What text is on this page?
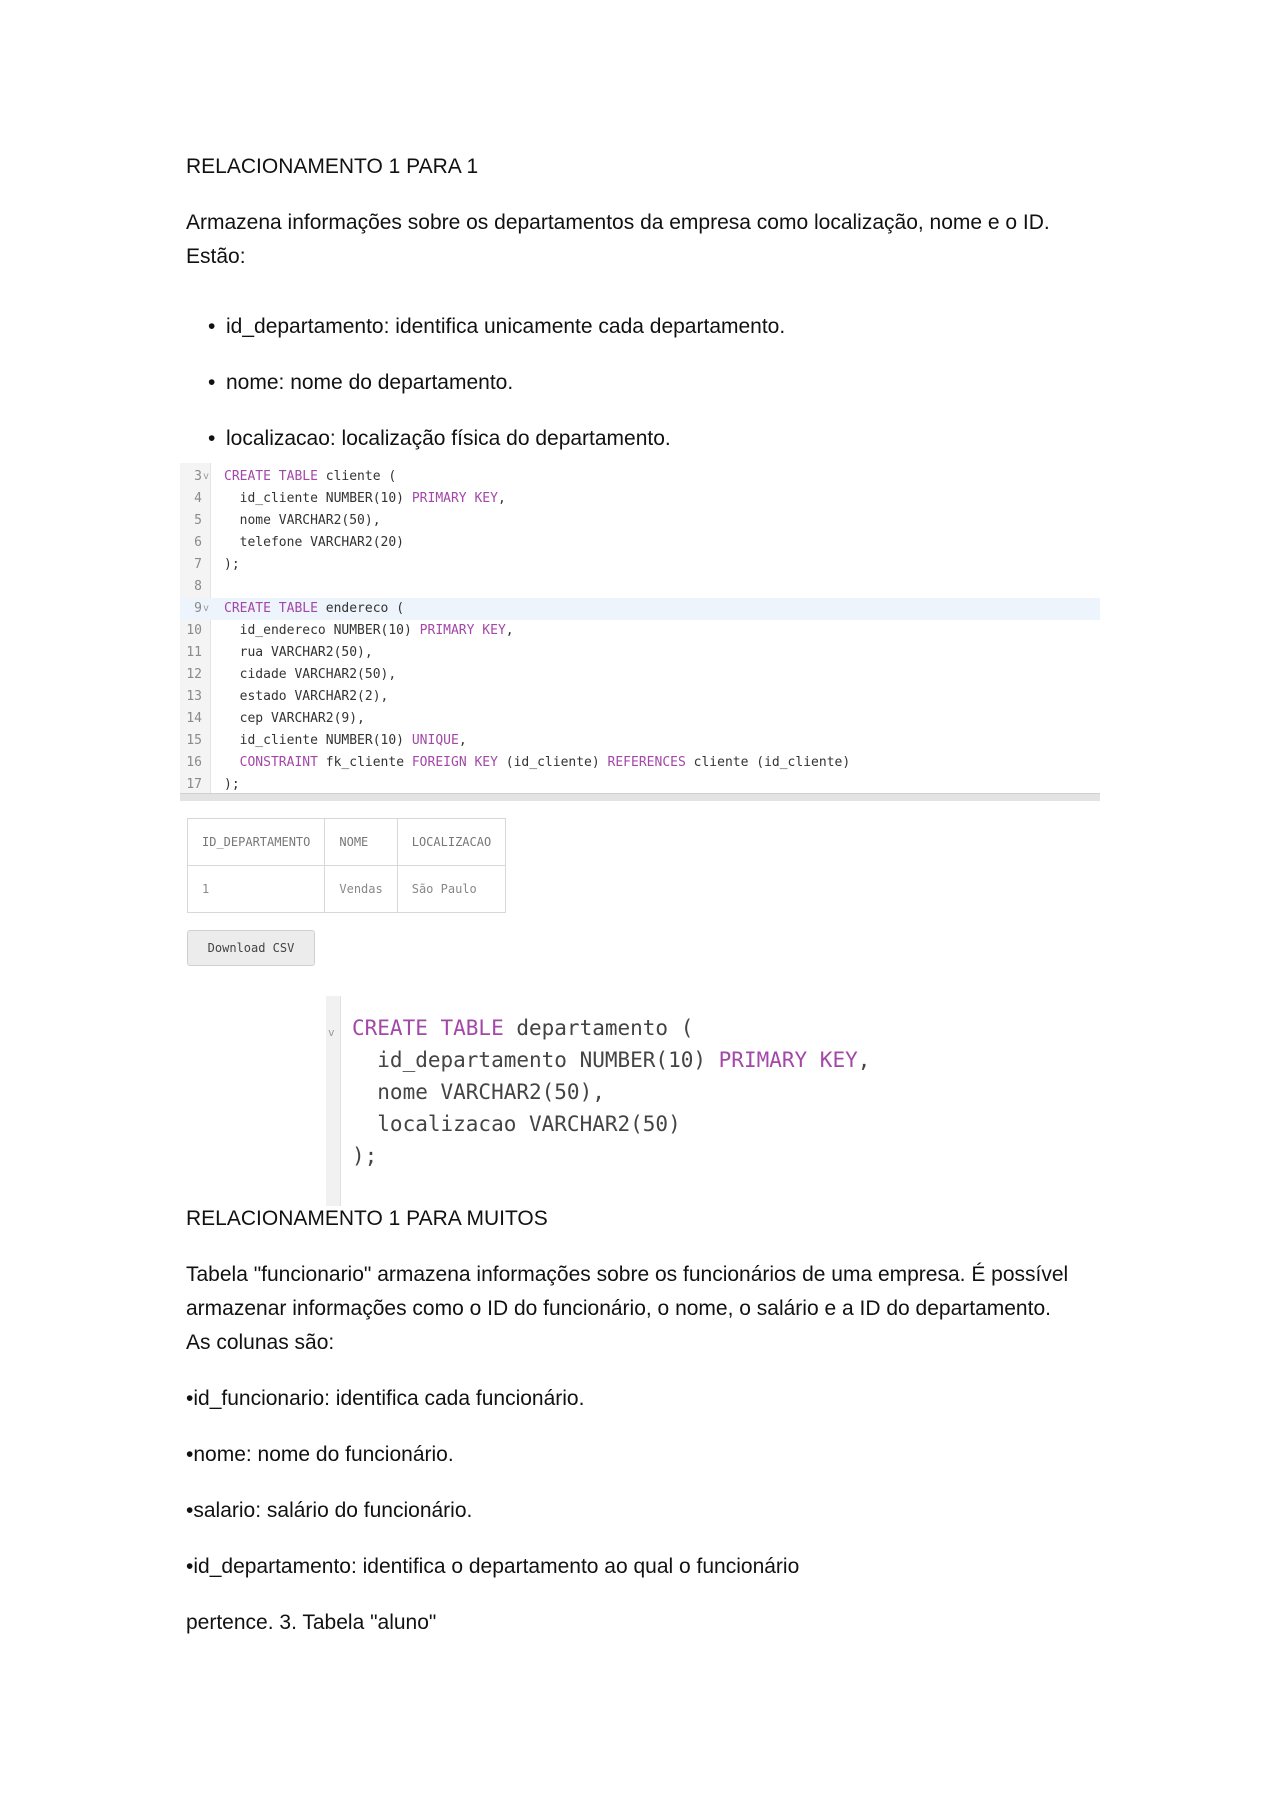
RELACIONAMENTO 1 PARA 1

Armazena informações sobre os departamentos da empresa como localização, nome e o ID.

Estão:

• id_departamento: identifica unicamente cada departamento.

• nome: nome do departamento.

• localizacao: localização física do departamento.

3 v CREATE TABLE cliente (
4 id_cliente NUMBER(10) PRIMARY KEY,
5 nome VARCHAR2(50),
6 telefone VARCHAR2(20)
7 );
8
9 v CREATE TABLE endereco (
10 id_endereco NUMBER(10) PRIMARY KEY,
11 rua VARCHAR2(50),
12 cidade VARCHAR2(50),
13 estado VARCHAR2(2),
14 cep VARCHAR2(9),
15 id_cliente NUMBER(10) UNIQUE,
16	CONSTRAINT fk_cliente FOREIGN KEY (id_cliente) REFERENCES cliente (id_cliente)
17 );
ID_DEPARTAMENTO	NOME	LOCALIZACAO
1	Vendas	São Paulo
Download CSV
v CREATE TABLE departamento (
id_departamento NUMBER(10) PRIMARY KEY,
nome VARCHAR2(50),
localizacao VARCHAR2(50)
);

RELACIONAMENTO 1 PARA MUITOS

Tabela "funcionario" armazena informações sobre os funcionários de uma empresa. É possível

armazenar informações como o ID do funcionário, o nome, o salário e a ID do departamento.

As colunas são:

•id_funcionario: identifica cada funcionário.

•nome: nome do funcionário.

•salario: salário do funcionário.

•id_departamento: identifica o departamento ao qual o funcionário

pertence. 3. Tabela "aluno"
